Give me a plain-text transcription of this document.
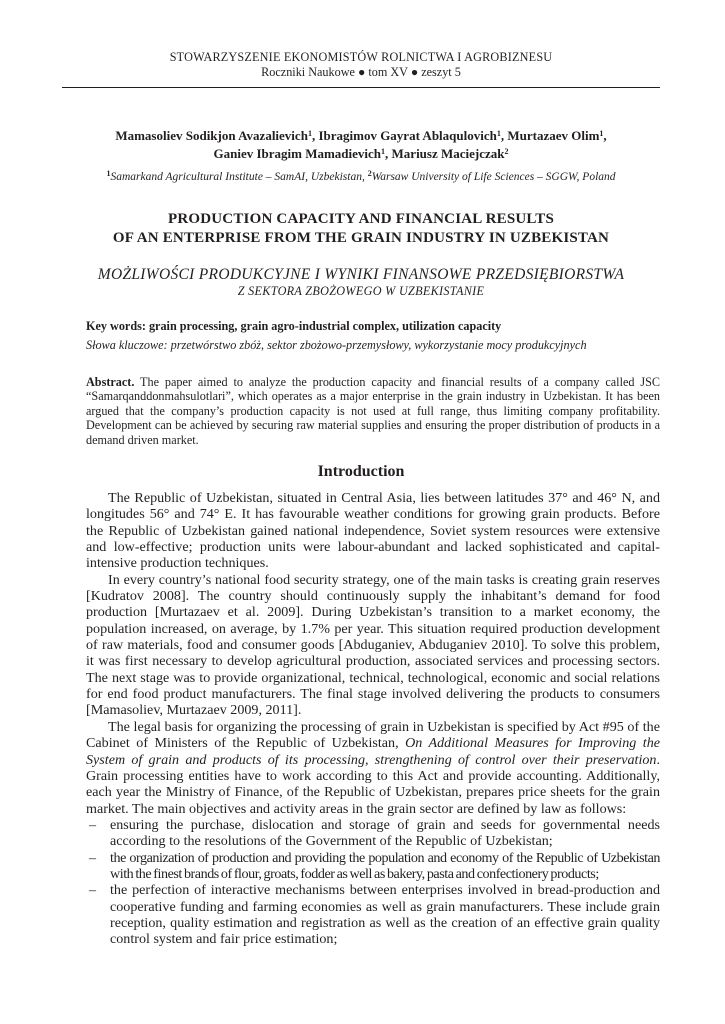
STOWARZYSZENIE EKONOMISTÓW ROLNICTWA I AGROBIZNESU
Roczniki Naukowe ● tom XV ● zeszyt 5
Mamasoliev Sodikjon Avazalievich$^1$, Ibragimov Gayrat Ablaqulovich$^1$, Murtazaev Olim$^1$,
Ganiev Ibragim Mamadievich$^1$, Mariusz Maciejczak$^2$
$^1$Samarkand Agricultural Institute – SamAI, Uzbekistan, $^2$Warsaw University of Life Sciences – SGGW, Poland
PRODUCTION CAPACITY AND FINANCIAL RESULTS
OF AN ENTERPRISE FROM THE GRAIN INDUSTRY IN UZBEKISTAN
MOŻLIWOŚCI PRODUKCYJNE I WYNIKI FINANSOWE PRZEDSIĘBIORSTWA
Z SEKTORA ZBOŻOWEGO W UZBEKISTANIE
Key words: grain processing, grain agro-industrial complex, utilization capacity
Słowa kluczowe: przetwórstwo zbóż, sektor zbożowo-przemysłowy, wykorzystanie mocy produkcyjnych
Abstract. The paper aimed to analyze the production capacity and financial results of a company called JSC “Samarqanddonmahsulotlari”, which operates as a major enterprise in the grain industry in Uzbekistan. It has been argued that the company’s production capacity is not used at full range, thus limiting company profitability. Development can be achieved by securing raw material supplies and ensuring the proper distribution of products in a demand driven market.
Introduction

The Republic of Uzbekistan, situated in Central Asia, lies between latitudes 37° and 46° N, and longitudes 56° and 74° E. It has favourable weather conditions for growing grain products. Before the Republic of Uzbekistan gained national independence, Soviet system resources were extensive and low-effective; production units were labour-abundant and lacked sophisticated and capital-intensive production techniques.

In every country’s national food security strategy, one of the main tasks is creating grain reserves [Kudratov 2008]. The country should continuously supply the inhabitant’s demand for food production [Murtazaev et al. 2009]. During Uzbekistan’s transition to a market economy, the population increased, on average, by 1.7% per year. This situation required production development of raw materials, food and consumer goods [Abduganiev, Abduganiev 2010]. To solve this problem, it was first necessary to develop agricultural production, associated services and processing sectors. The next stage was to provide organizational, technical, technological, economic and social relations for end food product manufacturers. The final stage involved delivering the products to consumers [Mamasoliev, Murtazaev 2009, 2011].

The legal basis for organizing the processing of grain in Uzbekistan is specified by Act #95 of the Cabinet of Ministers of the Republic of Uzbekistan, On Additional Measures for Improving the System of grain and products of its processing, strengthening of control over their preservation. Grain processing entities have to work according to this Act and provide accounting. Additionally, each year the Ministry of Finance, of the Republic of Uzbekistan, prepares price sheets for the grain market. The main objectives and activity areas in the grain sector are defined by law as follows:

– ensuring the purchase, dislocation and storage of grain and seeds for governmental needs according to the resolutions of the Government of the Republic of Uzbekistan;
– the organization of production and providing the population and economy of the Republic of Uzbekistan with the finest brands of flour, groats, fodder as well as bakery, pasta and confectionery products;
– the perfection of interactive mechanisms between enterprises involved in bread-production and cooperative funding and farming economies as well as grain manufacturers. These include grain reception, quality estimation and registration as well as the creation of an effective grain quality control system and fair price estimation;
